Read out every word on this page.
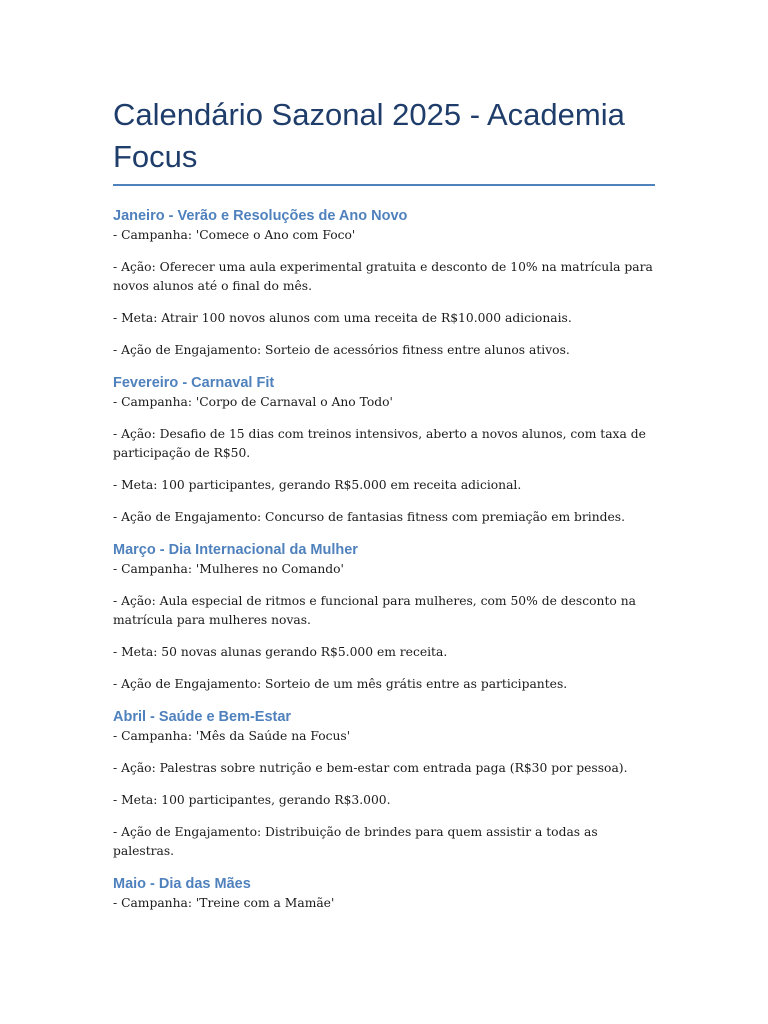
Calendário Sazonal 2025 - Academia Focus
Janeiro - Verão e Resoluções de Ano Novo

- Campanha: 'Comece o Ano com Foco'

- Ação: Oferecer uma aula experimental gratuita e desconto de 10% na matrícula para novos alunos até o final do mês.

- Meta: Atrair 100 novos alunos com uma receita de R$10.000 adicionais.

- Ação de Engajamento: Sorteio de acessórios fitness entre alunos ativos.

Fevereiro - Carnaval Fit

- Campanha: 'Corpo de Carnaval o Ano Todo'

- Ação: Desafio de 15 dias com treinos intensivos, aberto a novos alunos, com taxa de participação de R$50.

- Meta: 100 participantes, gerando R$5.000 em receita adicional.

- Ação de Engajamento: Concurso de fantasias fitness com premiação em brindes.

Março - Dia Internacional da Mulher

- Campanha: 'Mulheres no Comando'

- Ação: Aula especial de ritmos e funcional para mulheres, com 50% de desconto na matrícula para mulheres novas.

- Meta: 50 novas alunas gerando R$5.000 em receita.

- Ação de Engajamento: Sorteio de um mês grátis entre as participantes.

Abril - Saúde e Bem-Estar

- Campanha: 'Mês da Saúde na Focus'

- Ação: Palestras sobre nutrição e bem-estar com entrada paga (R$30 por pessoa).

- Meta: 100 participantes, gerando R$3.000.

- Ação de Engajamento: Distribuição de brindes para quem assistir a todas as palestras.

Maio - Dia das Mães

- Campanha: 'Treine com a Mamãe'
